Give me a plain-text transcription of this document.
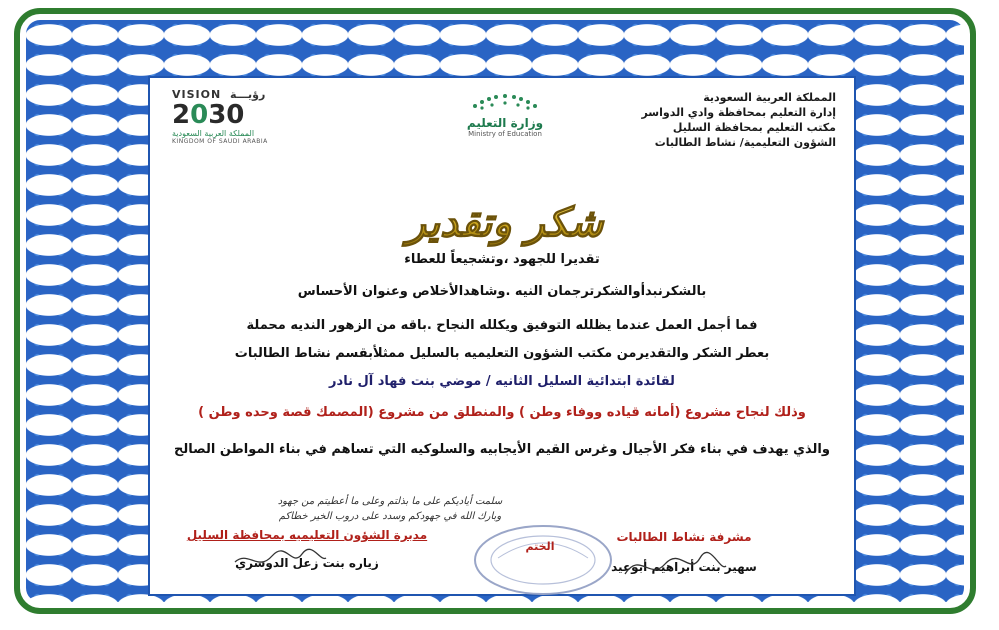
المملكة العربية السعودية
إدارة التعليم بمحافظة وادي الدواسر
مكتب التعليم بمحافظة السليل
الشؤون التعليمية/ نشاط الطالبات
وزارة التعليم
Ministry of Education
VISION رؤيـــة
2030
المملكة العربية السعودية
KINGDOM OF SAUDI ARABIA
شكر وتقدير
تقديرا للجهود ،وتشجيعاً للعطاء
بالشكرنبدأوالشكرترجمان النيه .وشاهدالأخلاص وعنوان الأحساس
فما أجمل العمل عندما يظلله التوفيق ويكلله النجاح .باقه من الزهور النديه محملة
بعطر الشكر والتقديرمن مكتب الشؤون التعليميه بالسليل ممثلأبقسم نشاط الطالبات
لقائدة ابتدائية السليل الثانيه / موضي بنت فهاد آل نادر
وذلك لنجاح مشروع (أمانه قياده ووفاء وطن ) والمنطلق من مشروع (المصمك قصة وحده وطن )
والذي يهدف في بناء فكر الأجيال وغرس القيم الأيجابيه والسلوكيه التي تساهم في بناء المواطن الصالح
سلمت أياديكم على ما بذلتم وعلى ما أعطيتم من جهود
وبارك الله في جهودكم وسدد على دروب الخير خطاكم
مشرفة نشاط الطالبات
سهير بنت أبراهيم أبوعيد
مدبرة الشؤون التعليميه بمحافظة السليل
زياره بنت زعل الدوسري
الختم
